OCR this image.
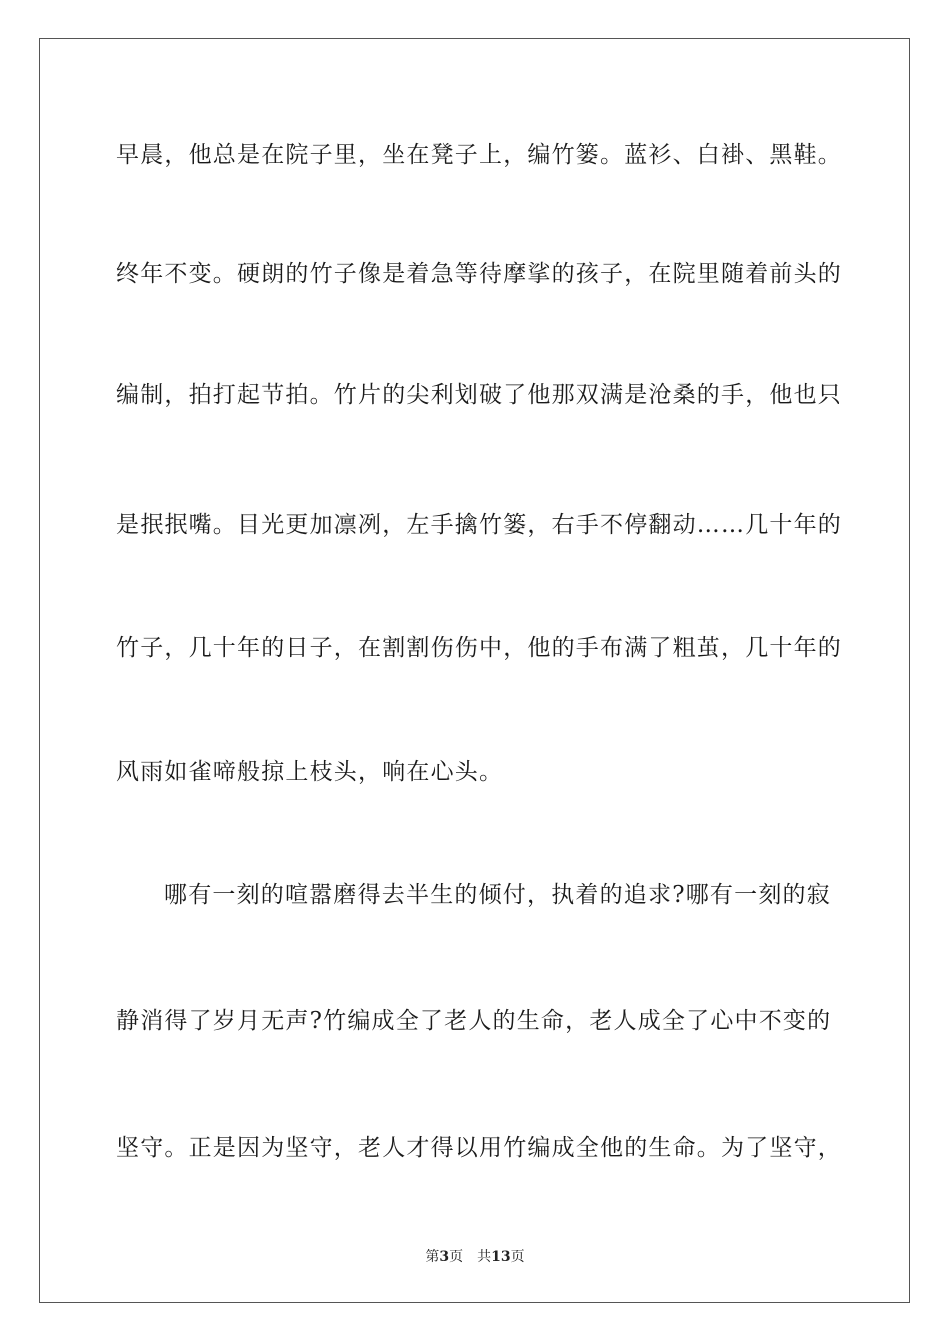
早晨，他总是在院子里，坐在凳子上，编竹篓。蓝衫、白褂、黑鞋。
终年不变。硬朗的竹子像是着急等待摩挲的孩子，在院里随着前头的
编制，拍打起节拍。竹片的尖利划破了他那双满是沧桑的手，他也只
是抿抿嘴。目光更加凛冽，左手擒竹篓，右手不停翻动……几十年的
竹子，几十年的日子，在割割伤伤中，他的手布满了粗茧，几十年的
风雨如雀啼般掠上枝头，响在心头。
哪有一刻的喧嚣磨得去半生的倾付，执着的追求?哪有一刻的寂
静消得了岁月无声?竹编成全了老人的生命，老人成全了心中不变的
坚守。正是因为坚守，老人才得以用竹编成全他的生命。为了坚守，
第3页 共13页
